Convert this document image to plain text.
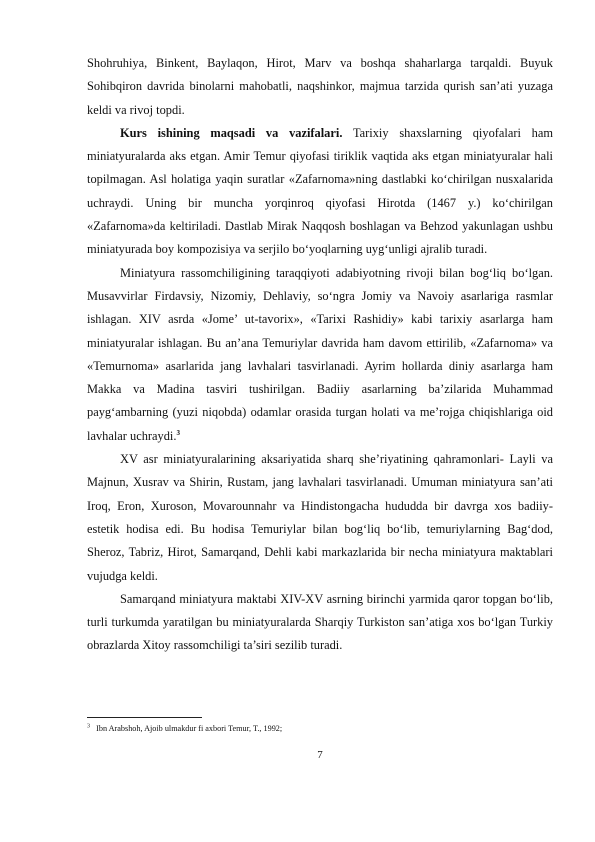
Shohruhiya, Binkent, Baylaqon, Hirot, Marv va boshqa shaharlarga tarqaldi. Buyuk Sohibqiron davrida binolarni mahobatli, naqshinkor, majmua tarzida qurish san’ati yuzaga keldi va rivoj topdi.

Kurs ishining maqsadi va vazifalari. Tarixiy shaxslarning qiyofalari ham miniatyuralarda aks etgan. Amir Temur qiyofasi tiriklik vaqtida aks etgan miniatyuralar hali topilmagan. Asl holatiga yaqin suratlar «Zafarnoma»ning dastlabki ko‘chirilgan nusxalarida uchraydi. Uning bir muncha yorqinroq qiyofasi Hirotda (1467 y.) ko‘chirilgan «Zafarnoma»da keltiriladi. Dastlab Mirak Naqqosh boshlagan va Behzod yakunlagan ushbu miniatyurada boy kompozisiya va serjilo bo‘yoqlarning uyg‘unligi ajralib turadi.

Miniatyura rassomchiligining taraqqiyoti adabiyotning rivoji bilan bog‘liq bo‘lgan. Musavvirlar Firdavsiy, Nizomiy, Dehlaviy, so‘ngra Jomiy va Navoiy asarlariga rasmlar ishlagan. XIV asrda «Jome’ ut-tavorix», «Tarixi Rashidiy» kabi tarixiy asarlarga ham miniatyuralar ishlagan. Bu an’ana Temuriylar davrida ham davom ettirilib, «Zafarnoma» va «Temurnoma» asarlarida jang lavhalari tasvirlanadi. Ayrim hollarda diniy asarlarga ham Makka va Madina tasviri tushirilgan. Badiiy asarlarning ba’zilarida Muhammad payg‘ambarning (yuzi niqobda) odamlar orasida turgan holati va me’rojga chiqishlariga oid lavhalar uchraydi.$^3$

XV asr miniatyuralarining aksariyatida sharq she’riyatining qahramonlari- Layli va Majnun, Xusrav va Shirin, Rustam, jang lavhalari tasvirlanadi. Umuman miniatyura san’ati Iroq, Eron, Xuroson, Movarounnahr va Hindistongacha hududda bir davrga xos badiiy- estetik hodisa edi. Bu hodisa Temuriylar bilan bog‘liq bo‘lib, temuriylarning Bag‘dod, Sheroz, Tabriz, Hirot, Samarqand, Dehli kabi markazlarida bir necha miniatyura maktablari vujudga keldi.

Samarqand miniatyura maktabi XIV-XV asrning birinchi yarmida qaror topgan bo‘lib, turli turkumda yaratilgan bu miniatyuralarda Sharqiy Turkiston san’atiga xos bo‘lgan Turkiy obrazlarda Xitoy rassomchiligi ta’siri sezilib turadi.

$^3$ Ibn Arabshoh, Ajoib ulmakdur fi axbori Temur, T., 1992;
7
